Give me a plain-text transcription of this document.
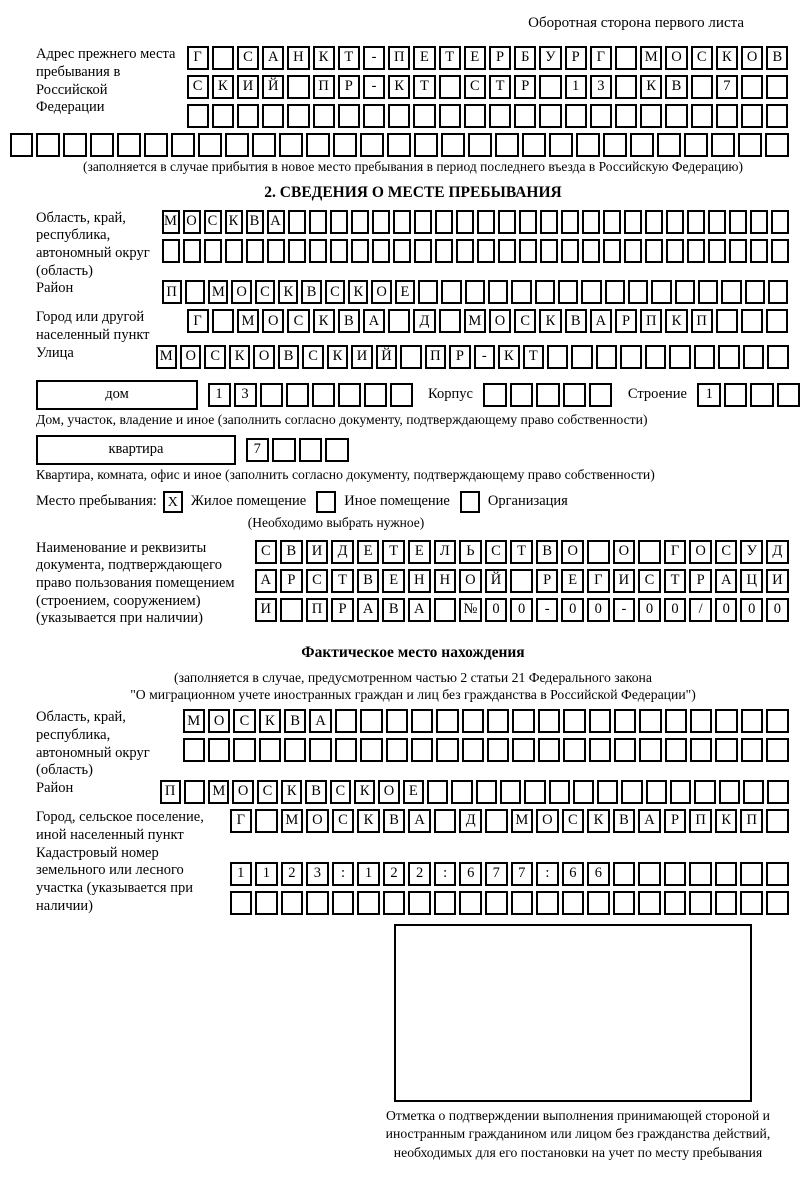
Оборотная сторона первого листа
Адрес прежнего места пребывания в Российской Федерации
Г	С	А	Н	К	Т	-	П	Е	Т	Е	Р	Б	У	Р	Г	М О	С	К	О	В
С	К	И	Й	П	Р	-	К	Т	С	Т	Р	1	3	К	В	7
(заполняется в случае прибытия в новое место пребывания в период последнего въезда в Российскую Федерацию)
2. СВЕДЕНИЯ О МЕСТЕ ПРЕБЫВАНИЯ
Область, край, республика, автономный округ (область)
М О С К В А
Район	П	М О С К В С К О Е
Город или другой населенный пункт
Г	М О	С	К	В	А	Д	М О	С	К	В	А	Р	П	К	П
Улица	М О С	К О В	С	К И Й	П	Р	-	К	Т
дом	1	3	Корпус	Строение	1
Дом, участок, владение и иное (заполнить согласно документу, подтверждающему право собственности)
квартира	7
Квартира, комната, офис и иное (заполнить согласно документу, подтверждающему право собственности)
Место пребывания: X Жилое помещение	Иное помещение	Организация
(Необходимо выбрать нужное)
Наименование и реквизиты документа, подтверждающего право пользования помещением (строением, сооружением) (указывается при наличии)
С	В	И	Д	Е	Т	Е	Л	Ь	С	Т	В	О	О	Г	О	С	У	Д
А	Р	С	Т	В	Е	Н	Н	О	Й	Р	Е	Г	И	С	Т	Р	А	Ц	И
И	П	Р	А	В	А	№	0	0	-	0	0	-	0	0	/	0	0	0
Фактическое место нахождения
(заполняется в случае, предусмотренном частью 2 статьи 21 Федерального закона
"О миграционном учете иностранных граждан и лиц без гражданства в Российской Федерации")
Область, край, республика, автономный округ (область)
М О	С	К	В	А
Район	П	М О С	К	В	С	К О	Е
Город, сельское поселение, иной населенный пункт
Г	М О	С	К	В	А	Д	М О	С	К	В	А	Р	П	К	П
Кадастровый номер земельного или лесного участка (указывается при наличии)
1	1	2	3	:	1	2	2	:	6	7	7	:	6	6
Отметка о подтверждении выполнения принимающей стороной и иностранным гражданином или лицом без гражданства действий, необходимых для его постановки на учет по месту пребывания
